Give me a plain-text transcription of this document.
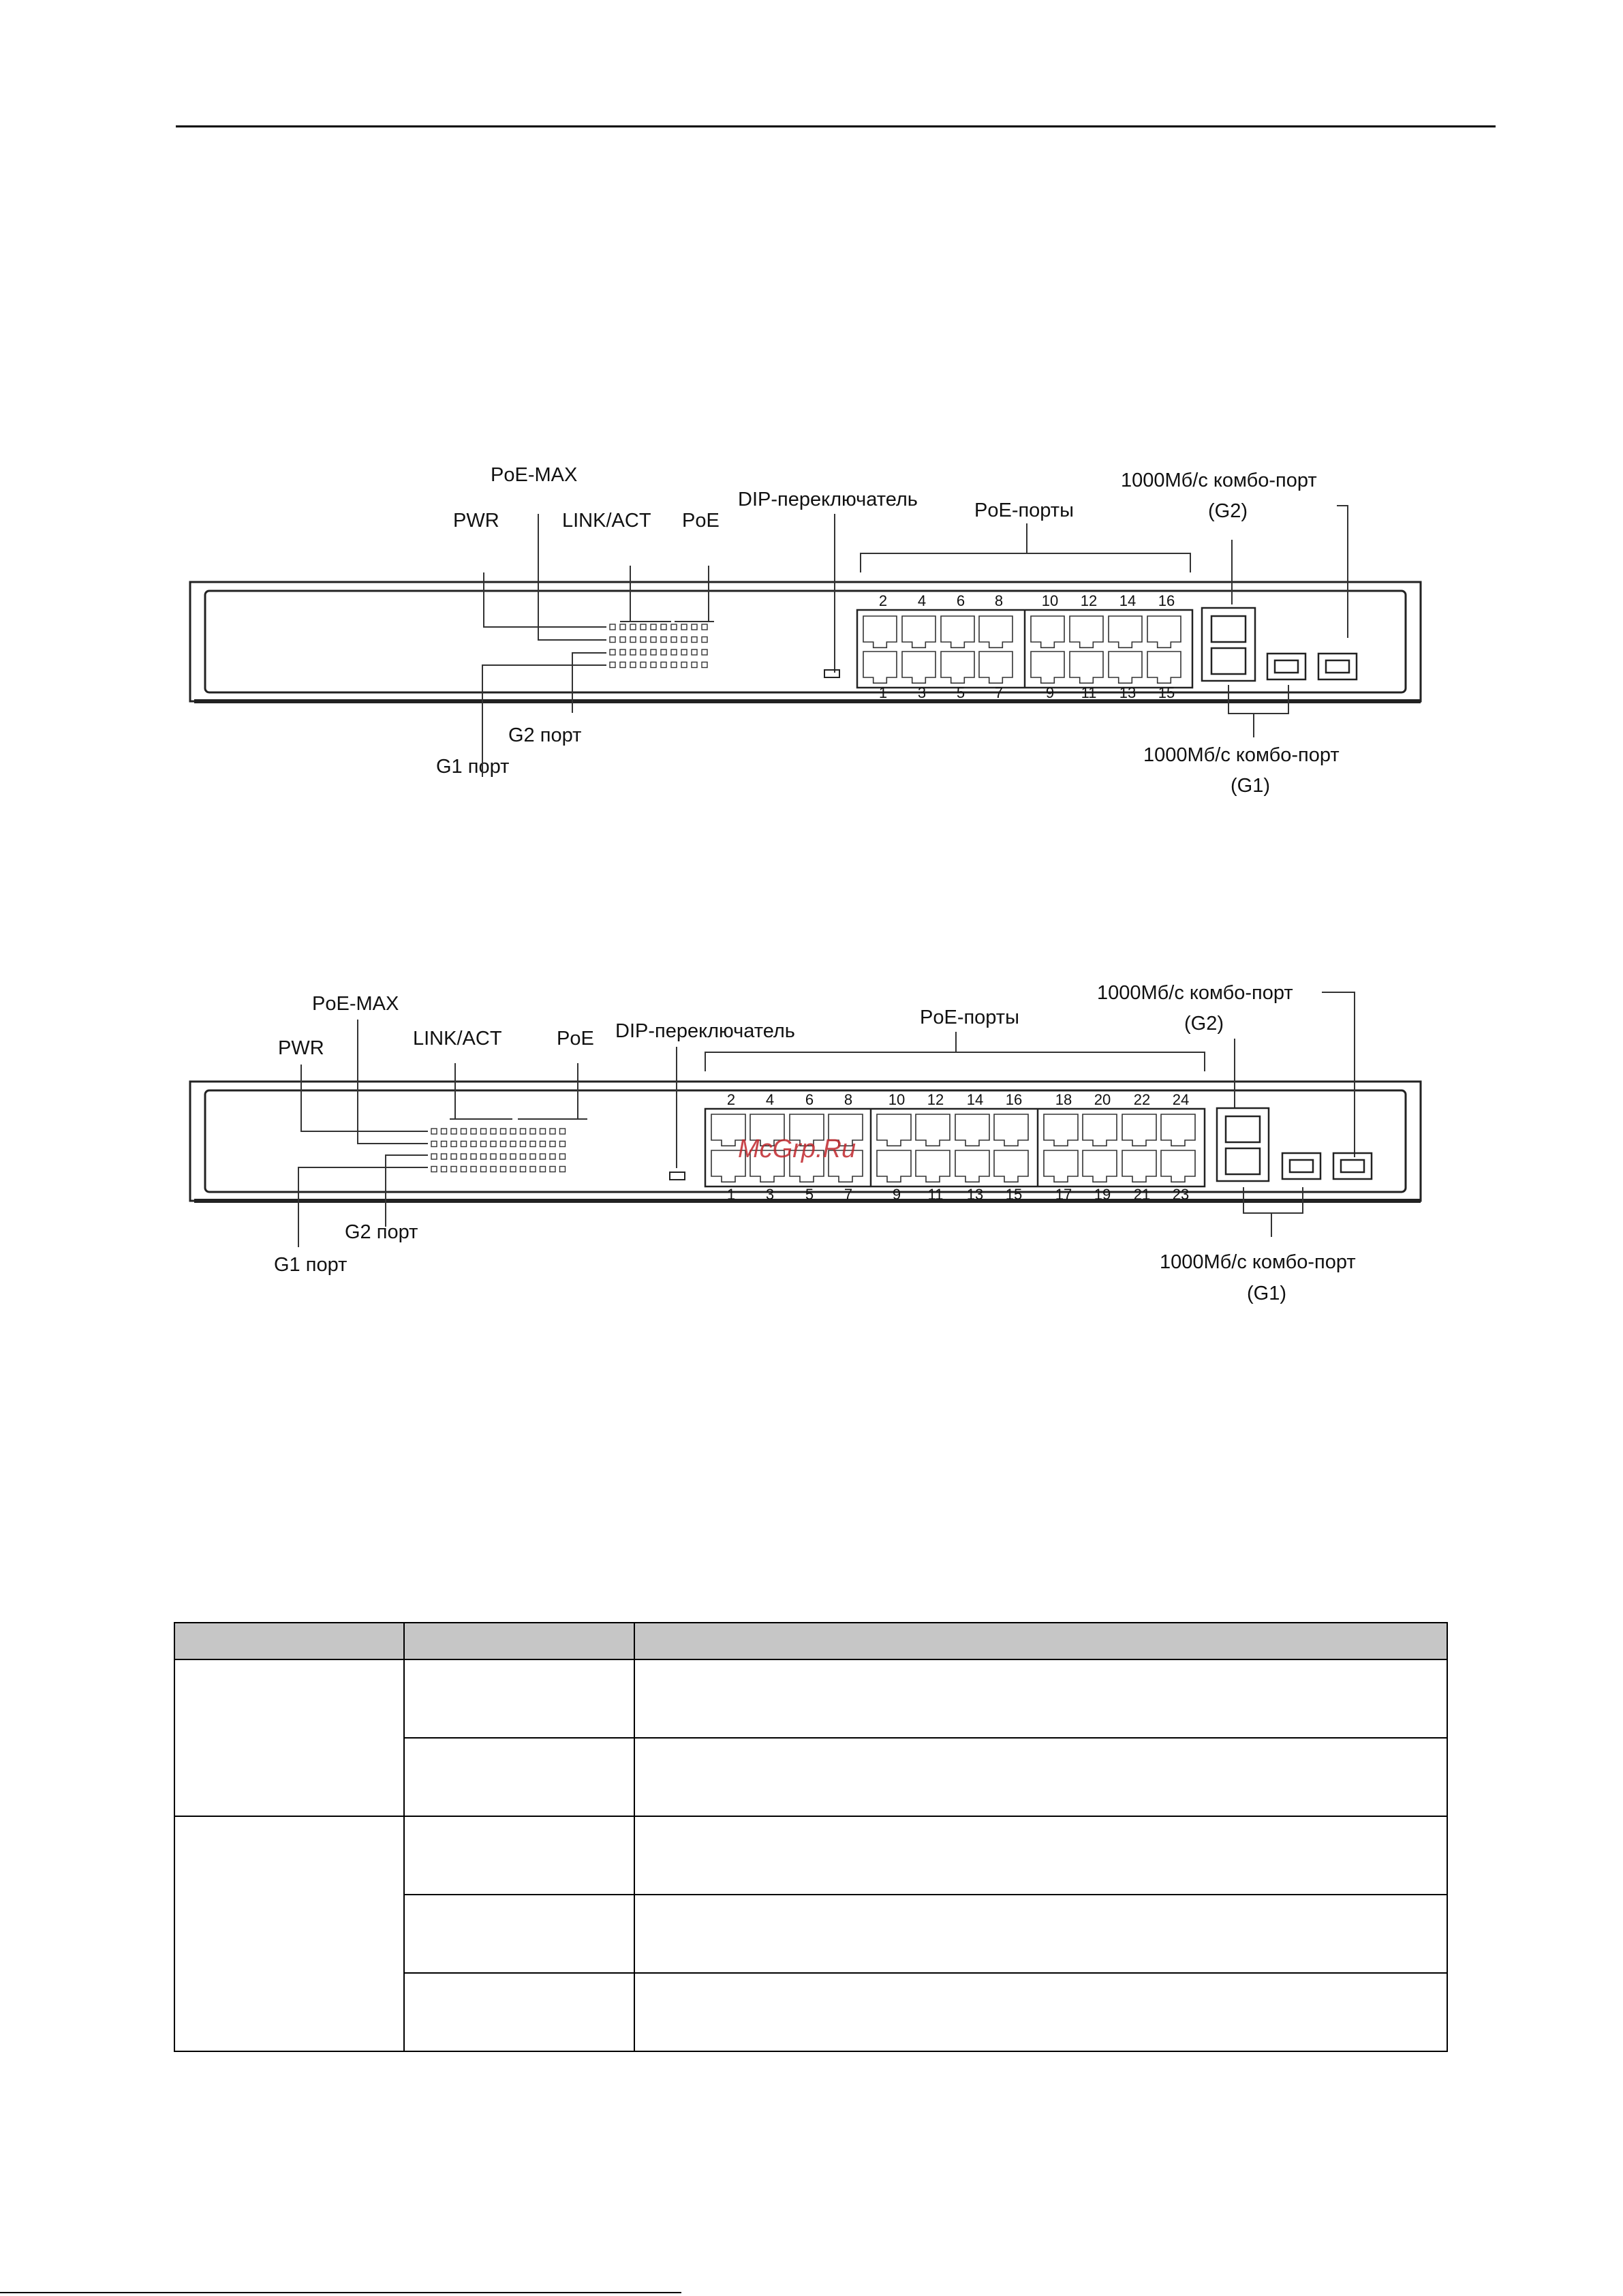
PoE-MAX
PWR	LINK/ACT PoE
DIP-переключатель	PoE-порты
1000Мб/с комбо-порт
(G2)
1000Мб/с комбо-порт
(G1)
G2 порт
G1 порт
2 4 6 8	10 12 14 16
1 3 5 7	9 11 13 15
PoE-MAX
PWR	LINK/ACT	PoE DIP-переключатель
PoE-порты
1000Мб/с комбо-порт
(G2)
1000Мб/с комбо-порт
(G1)
G2 порт
G1 порт
2 4 6 8 10 12 14 16 18 20 22 24
1 3 5 7	9 11 13 15 17 19 21 23
McGrp.Ru
